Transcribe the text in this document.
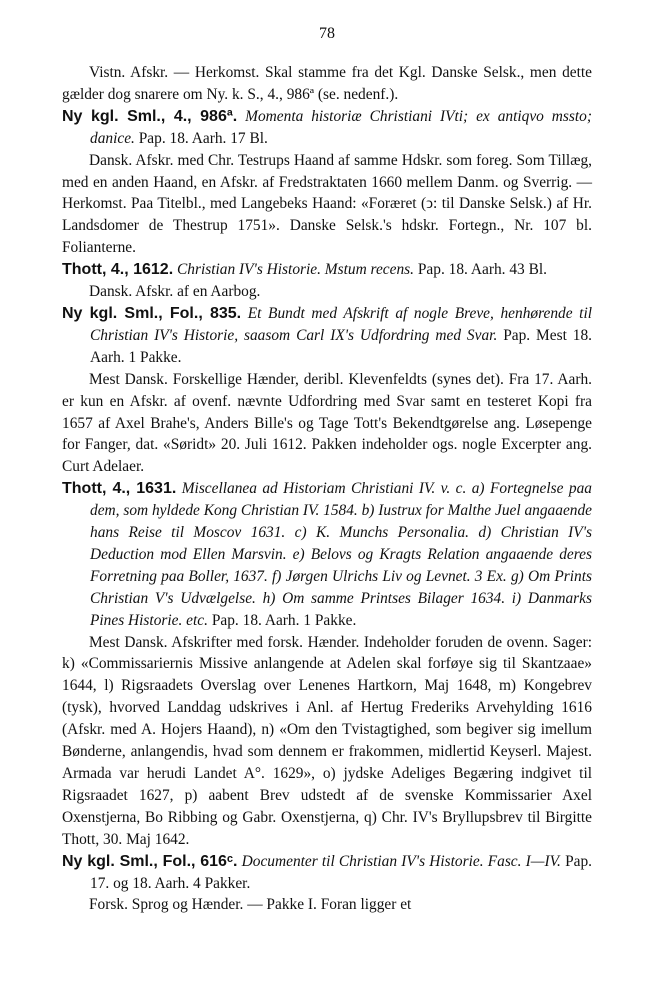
78

Vistn. Afskr. — Herkomst. Skal stamme fra det Kgl. Danske Selsk., men dette gælder dog snarere om Ny. k. S., 4., 986ª (se. nedenf.).

Ny kgl. Sml., 4., 986ª. Momenta historiæ Christiani IVti; ex antiqvo mssto; danice. Pap. 18. Aarh. 17 Bl.

Dansk. Afskr. med Chr. Testrups Haand af samme Hdskr. som foreg. Som Tillæg, med en anden Haand, en Afskr. af Fredstraktaten 1660 mellem Danm. og Sverrig. — Herkomst. Paa Titelbl., med Langebeks Haand: «Foræret (ↄ: til Danske Selsk.) af Hr. Landsdomer de Thestrup 1751». Danske Selsk.'s hdskr. Fortegn., Nr. 107 bl. Folianterne.

Thott, 4., 1612. Christian IV's Historie. Mstum recens. Pap. 18. Aarh. 43 Bl.

Dansk. Afskr. af en Aarbog.

Ny kgl. Sml., Fol., 835. Et Bundt med Afskrift af nogle Breve, henhørende til Christian IV's Historie, saasom Carl IX's Udfordring med Svar. Pap. Mest 18. Aarh. 1 Pakke.

Mest Dansk. Forskellige Hænder, deribl. Klevenfeldts (synes det). Fra 17. Aarh. er kun en Afskr. af ovenf. nævnte Udfordring med Svar samt en testeret Kopi fra 1657 af Axel Brahe's, Anders Bille's og Tage Tott's Bekendtgørelse ang. Løsepenge for Fanger, dat. «Søridt» 20. Juli 1612. Pakken indeholder ogs. nogle Excerpter ang. Curt Adelaer.

Thott, 4., 1631. Miscellanea ad Historiam Christiani IV. v. c. a) Fortegnelse paa dem, som hyldede Kong Christian IV. 1584. b) Iustrux for Malthe Juel angaaende hans Reise til Moscov 1631. c) K. Munchs Personalia. d) Christian IV's Deduction mod Ellen Marsvin. e) Belovs og Kragts Relation angaaende deres Forretning paa Boller, 1637. f) Jørgen Ulrichs Liv og Levnet. 3 Ex. g) Om Prints Christian V's Udvælgelse. h) Om samme Printses Bilager 1634. i) Danmarks Pines Historie. etc. Pap. 18. Aarh. 1 Pakke.

Mest Dansk. Afskrifter med forsk. Hænder. Indeholder foruden de ovenn. Sager: k) «Commissariernis Missive anlangende at Adelen skal forføye sig til Skantzaae» 1644, l) Rigsraadets Overslag over Lenenes Hartkorn, Maj 1648, m) Kongebrev (tysk), hvorved Landdag udskrives i Anl. af Hertug Frederiks Arvehylding 1616 (Afskr. med A. Hojers Haand), n) «Om den Tvistagtighed, som begiver sig imellum Bønderne, anlangendis, hvad som dennem er frakommen, midlertid Keyserl. Majest. Armada var herudi Landet A°. 1629», o) jydske Adeliges Begæring indgivet til Rigsraadet 1627, p) aabent Brev udstedt af de svenske Kommissarier Axel Oxenstjerna, Bo Ribbing og Gabr. Oxenstjerna, q) Chr. IV's Bryllupsbrev til Birgitte Thott, 30. Maj 1642.

Ny kgl. Sml., Fol., 616ᶜ. Documenter til Christian IV's Historie. Fasc. I—IV. Pap. 17. og 18. Aarh. 4 Pakker.

Forsk. Sprog og Hænder. — Pakke I. Foran ligger et
